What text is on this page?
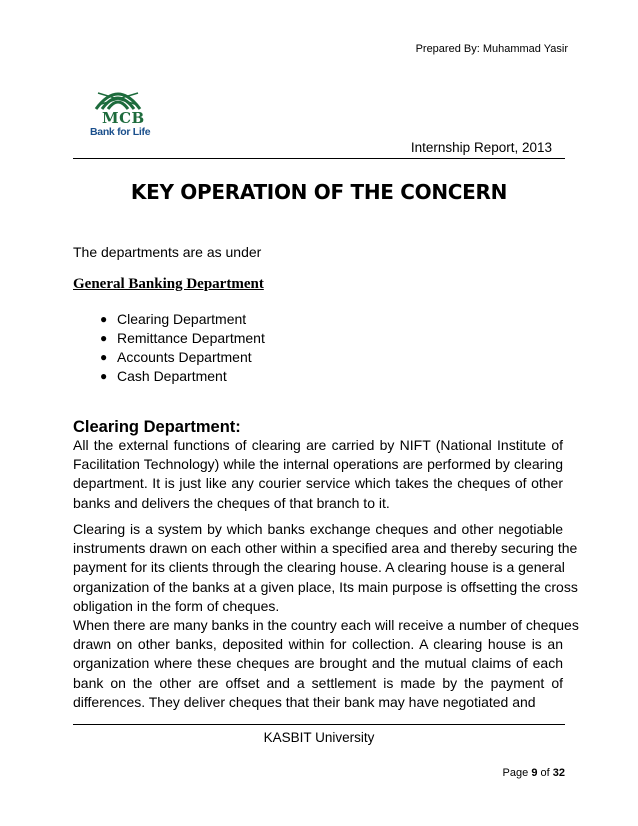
Prepared By: Muhammad Yasir
MCB
Bank for Life
Internship Report, 2013
KEY OPERATION OF THE CONCERN
The departments are as under
General Banking Department
● Clearing Department
● Remittance Department
● Accounts Department
● Cash Department
Clearing Department:
All the external functions of clearing are carried by NIFT (National Institute of
Facilitation Technology) while the internal operations are performed by clearing
department. It is just like any courier service which takes the cheques of other
banks and delivers the cheques of that branch to it.
Clearing is a system by which banks exchange cheques and other negotiable
instruments drawn on each other within a specified area and thereby securing the
payment for its clients through the clearing house. A clearing house is a general
organization of the banks at a given place, Its main purpose is offsetting the cross
obligation in the form of cheques.
When there are many banks in the country each will receive a number of cheques
drawn on other banks, deposited within for collection. A clearing house is an
organization where these cheques are brought and the mutual claims of each
bank on the other are offset and a settlement is made by the payment of
differences. They deliver cheques that their bank may have negotiated and
KASBIT University
Page 9 of 32
